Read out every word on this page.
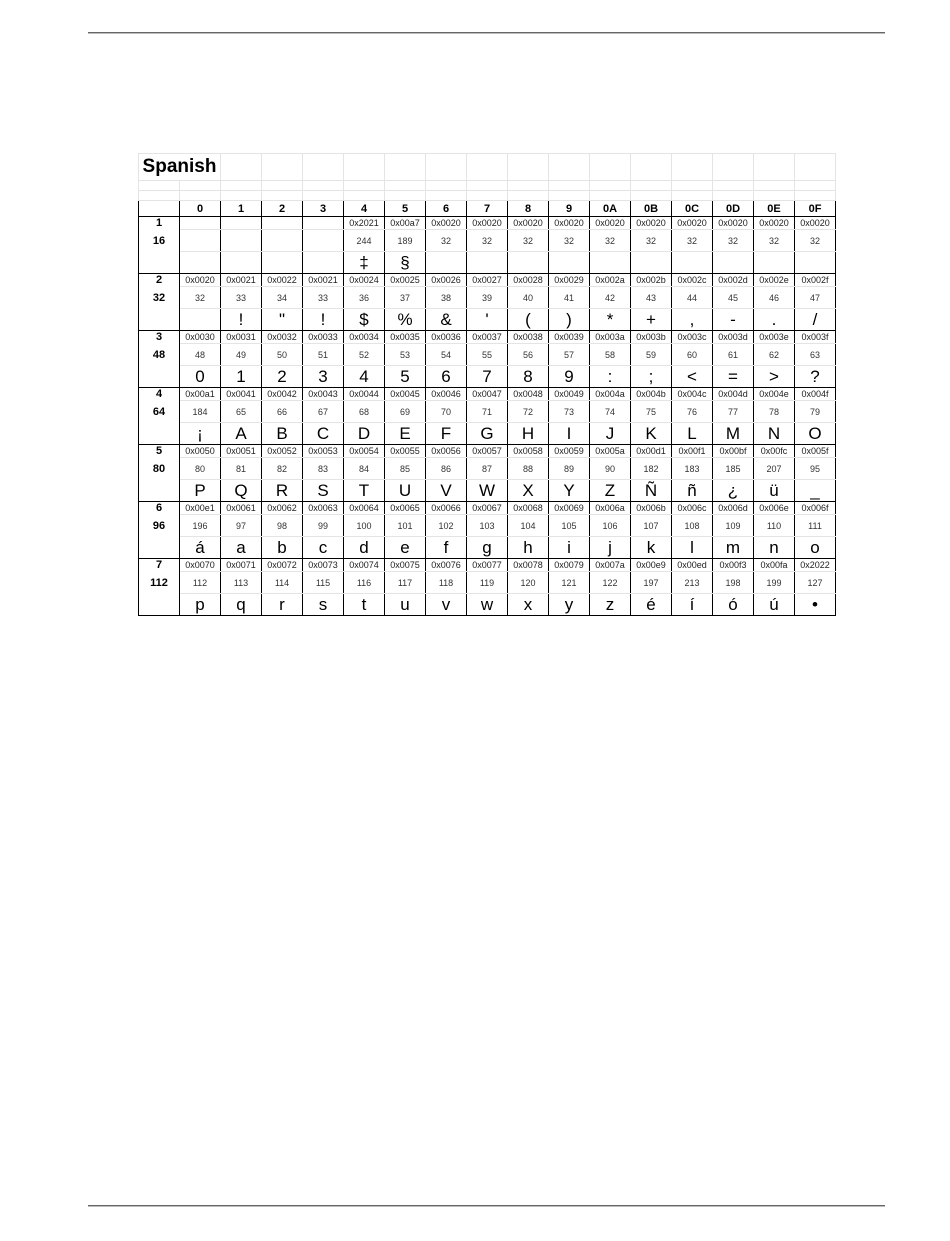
Spanish																

	0	1	2	3	4	5	6	7	8	9	0A	0B	0C	0D	0E	0F
1					0x2021	0x00a7	0x0020	0x0020	0x0020	0x0020	0x0020	0x0020	0x0020	0x0020	0x0020	0x0020
16					244	189	32	32	32	32	32	32	32	32	32	32
					‡	§										
2	0x0020	0x0021	0x0022	0x0021	0x0024	0x0025	0x0026	0x0027	0x0028	0x0029	0x002a	0x002b	0x002c	0x002d	0x002e	0x002f
32	32	33	34	33	36	37	38	39	40	41	42	43	44	45	46	47
		!	"	!	$	%	&	'	(	)	*	+	,	-	.	/
3	0x0030	0x0031	0x0032	0x0033	0x0034	0x0035	0x0036	0x0037	0x0038	0x0039	0x003a	0x003b	0x003c	0x003d	0x003e	0x003f
48	48	49	50	51	52	53	54	55	56	57	58	59	60	61	62	63
	0	1	2	3	4	5	6	7	8	9	:	;	<	=	>	?
4	0x00a1	0x0041	0x0042	0x0043	0x0044	0x0045	0x0046	0x0047	0x0048	0x0049	0x004a	0x004b	0x004c	0x004d	0x004e	0x004f
64	184	65	66	67	68	69	70	71	72	73	74	75	76	77	78	79
	¡	A	B	C	D	E	F	G	H	I	J	K	L	M	N	O
5	0x0050	0x0051	0x0052	0x0053	0x0054	0x0055	0x0056	0x0057	0x0058	0x0059	0x005a	0x00d1	0x00f1	0x00bf	0x00fc	0x005f
80	80	81	82	83	84	85	86	87	88	89	90	182	183	185	207	95
	P	Q	R	S	T	U	V	W	X	Y	Z	Ñ	ñ	¿	ü	_
6	0x00e1	0x0061	0x0062	0x0063	0x0064	0x0065	0x0066	0x0067	0x0068	0x0069	0x006a	0x006b	0x006c	0x006d	0x006e	0x006f
96	196	97	98	99	100	101	102	103	104	105	106	107	108	109	110	111
	á	a	b	c	d	e	f	g	h	i	j	k	l	m	n	o
7	0x0070	0x0071	0x0072	0x0073	0x0074	0x0075	0x0076	0x0077	0x0078	0x0079	0x007a	0x00e9	0x00ed	0x00f3	0x00fa	0x2022
112	112	113	114	115	116	117	118	119	120	121	122	197	213	198	199	127
	p	q	r	s	t	u	v	w	x	y	z	é	í	ó	ú	•
